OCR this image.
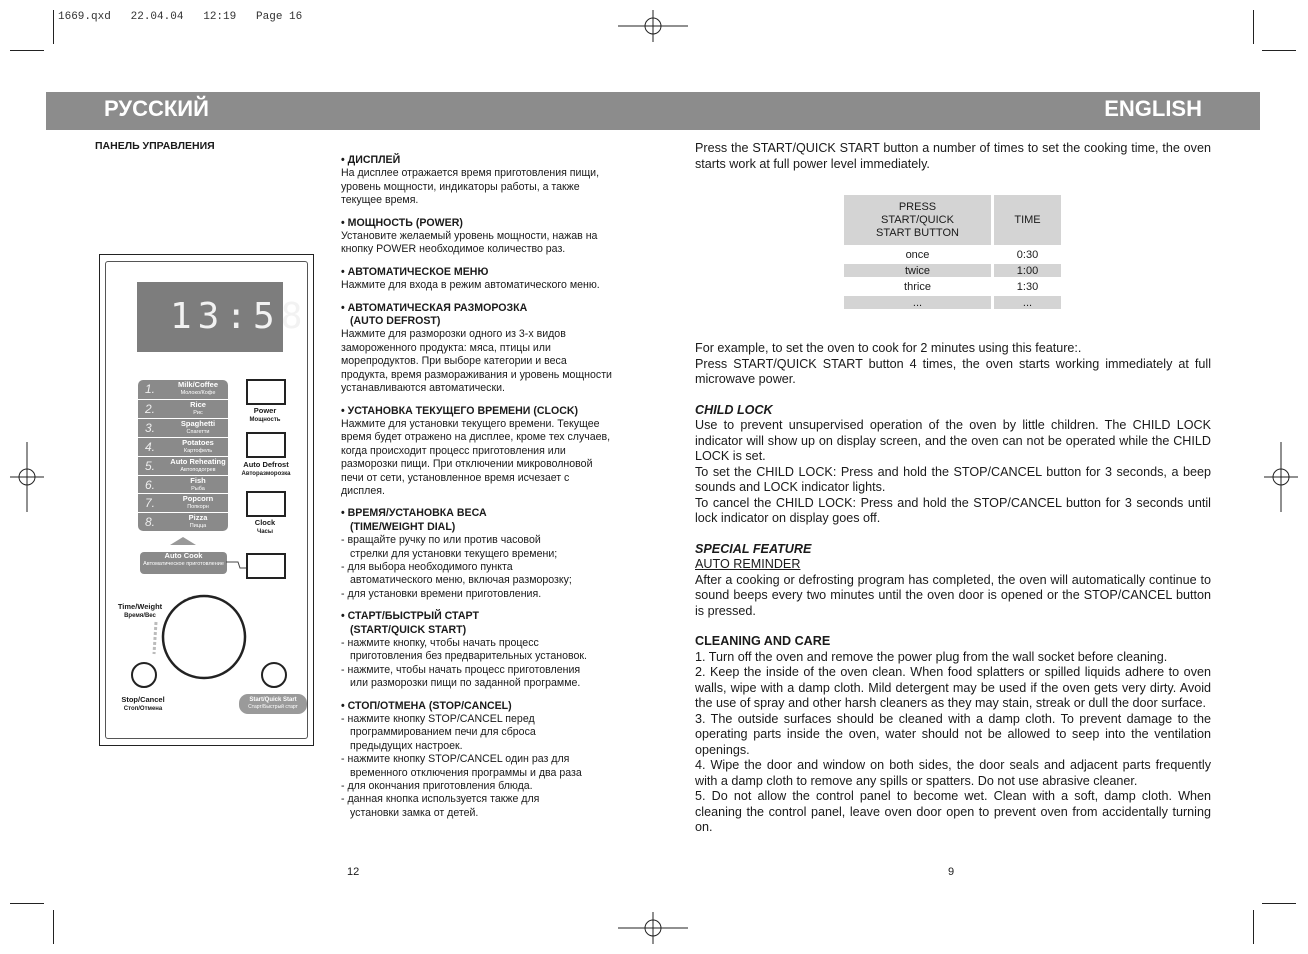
1669.qxd   22.04.04   12:19   Page 16
РУССКИЙ	ENGLISH
ПАНЕЛЬ УПРАВЛЕНИЯ
13:58
1.	Milk/Coffee
Молоко/Кофе
2.	Rice
Рис
3.	Spaghetti
Спагетти
4.	Potatoes
Картофель
5. Auto Reheating
Автоподогрев
6.	Fish
Рыба
7.	Popcorn
Попкорн
8.	Pizza
Пицца
Power
Мощность
Auto Defrost
Авторазморозка
Clock
Часы
Auto Cook
Автоматическое приготовление
Time/Weight
Время/Вес
Stop/Cancel
Стоп/Отмена
Start/Quick Start
Старт/Быстрый старт
• ДИСПЛЕЙ
На дисплее отражается время приготовления пищи, уровень мощности, индикаторы работы, а также текущее время.
• МОЩНОСТЬ (POWER)
Установите желаемый уровень мощности, нажав на кнопку POWER необходимое количество раз.
• АВТОМАТИЧЕСКОЕ МЕНЮ
Нажмите для входа в режим автоматического меню.
• АВТОМАТИЧЕСКАЯ РАЗМОРОЗКА
(AUTO DEFROST)
Нажмите для разморозки одного из 3-х видов замороженного продукта: мяса, птицы или морепродуктов. При выборе категории и веса продукта, время размораживания и уровень мощности устанавливаются автоматически.
• УСТАНОВКА ТЕКУЩЕГО ВРЕМЕНИ (CLOCK)
Нажмите для установки текущего времени. Текущее время будет отражено на дисплее, кроме тех случаев, когда происходит процесс приготовления или разморозки пищи. При отключении микроволновой печи от сети, установленное время исчезает с дисплея.
• ВРЕМЯ/УСТАНОВКА ВЕСА
(TIME/WEIGHT DIAL)
- вращайте ручку по или против часовой
стрелки для установки текущего времени;
- для выбора необходимого пункта
автоматического меню, включая разморозку;
- для установки времени приготовления.
• СТАРТ/БЫСТРЫЙ СТАРТ
(START/QUICK START)
- нажмите кнопку, чтобы начать процесс
приготовления без предварительных установок.
- нажмите, чтобы начать процесс приготовления
или разморозки пищи по заданной программе.
• СТОП/ОТМЕНА (STOP/CANCEL)
- нажмите кнопку STOP/CANCEL перед
программированием печи для сброса
предыдущих настроек.
- нажмите кнопку STOP/CANCEL один раз для
временного отключения программы и два раза
- для окончания приготовления блюда.
- данная кнопка используется также для
установки замка от детей.

Press the START/QUICK START button a number of times to set the cooking time, the oven starts work at full power level immediately.

PRESS START/QUICK START BUTTON	TIME
once	0:30
twice	1:00
thrice	1:30
...	...

For example, to set the oven to cook for 2 minutes using this feature:.

Press START/QUICK START button 4 times, the oven starts working immediately at full microwave power.

CHILD LOCK

Use to prevent unsupervised operation of the oven by little children. The CHILD LOCK indicator will show up on display screen, and the oven can not be operated while the CHILD LOCK is set.

To set the CHILD LOCK: Press and hold the STOP/CANCEL button for 3 seconds, a beep sounds and LOCK indicator lights.

To cancel the CHILD LOCK: Press and hold the STOP/CANCEL button for 3 seconds until lock indicator on display goes off.

SPECIAL FEATURE

AUTO REMINDER

After a cooking or defrosting program has completed, the oven will automatically continue to sound beeps every two minutes until the oven door is opened or the STOP/CANCEL button is pressed.

CLEANING AND CARE

1. Turn off the oven and remove the power plug from the wall socket before cleaning.

2. Keep the inside of the oven clean. When food splatters or spilled liquids adhere to oven walls, wipe with a damp cloth. Mild detergent may be used if the oven gets very dirty. Avoid the use of spray and other harsh cleaners as they may stain, streak or dull the door surface.

3. The outside surfaces should be cleaned with a damp cloth. To prevent damage to the operating parts inside the oven, water should not be allowed to seep into the ventilation openings.

4. Wipe the door and window on both sides, the door seals and adjacent parts frequently with a damp cloth to remove any spills or spatters. Do not use abrasive cleaner.

5. Do not allow the control panel to become wet. Clean with a soft, damp cloth. When cleaning the control panel, leave oven door open to prevent oven from accidentally turning on.

12	9
